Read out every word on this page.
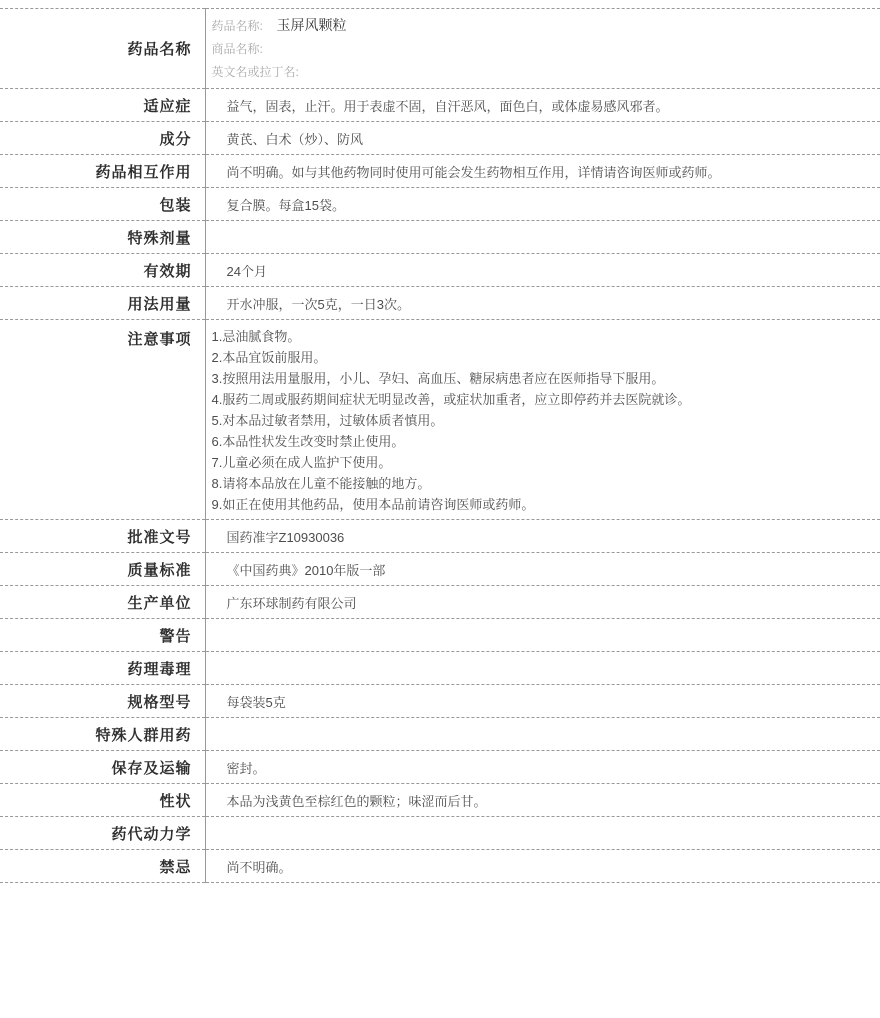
药品名称	药品名称: 玉屏风颗粒
商品名称:
英文名或拉丁名:

适应症	益气，固表，止汗。用于表虚不固，自汗恶风，面色白，或体虚易感风邪者。
成分	黄芪、白术（炒）、防风
药品相互作用	尚不明确。如与其他药物同时使用可能会发生药物相互作用，详情请咨询医师或药师。
包装	复合膜。每盒15袋。
特殊剂量	
有效期	24个月
用法用量	开水冲服，一次5克，一日3次。
注意事项	1.忌油腻食物。
2.本品宜饭前服用。
3.按照用法用量服用，小儿、孕妇、高血压、糖尿病患者应在医师指导下服用。
4.服药二周或服药期间症状无明显改善，或症状加重者，应立即停药并去医院就诊。
5.对本品过敏者禁用，过敏体质者慎用。
6.本品性状发生改变时禁止使用。
7.儿童必须在成人监护下使用。
8.请将本品放在儿童不能接触的地方。
9.如正在使用其他药品，使用本品前请咨询医师或药师。

批准文号	国药准字Z10930036
质量标准	《中国药典》2010年版一部
生产单位	广东环球制药有限公司
警告	
药理毒理	
规格型号	每袋装5克
特殊人群用药	
保存及运输	密封。
性状	本品为浅黄色至棕红色的颗粒；味涩而后甘。
药代动力学	
禁忌	尚不明确。
